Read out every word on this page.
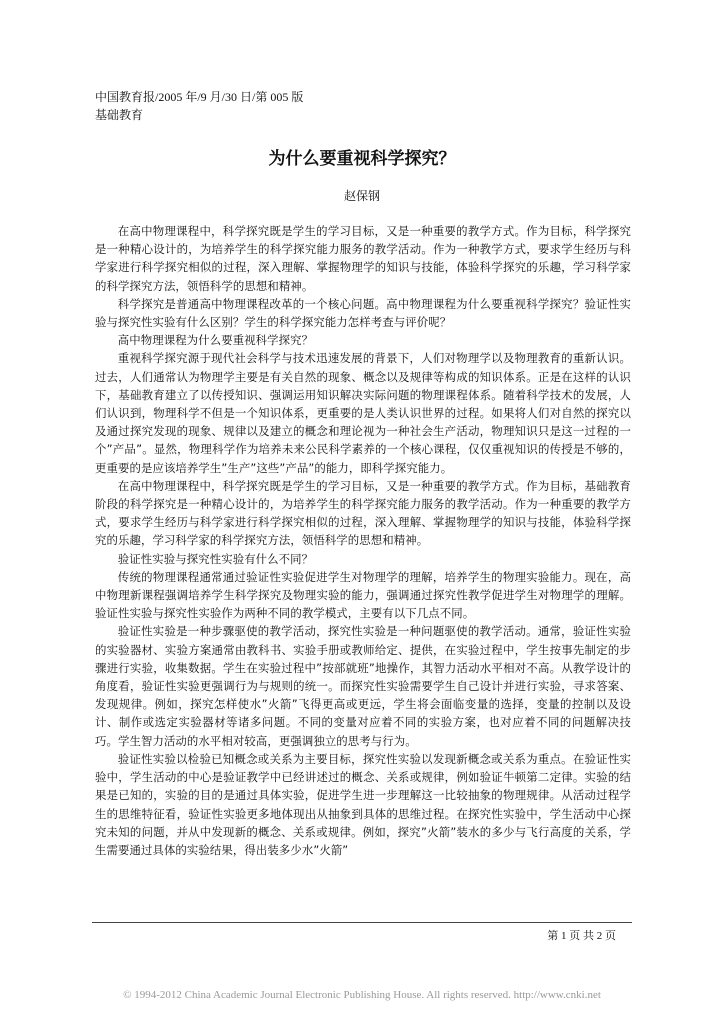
中国教育报/2005 年/9 月/30 日/第 005 版
基础教育
为什么要重视科学探究？
赵保钢

在高中物理课程中，科学探究既是学生的学习目标，又是一种重要的教学方式。作为目标，科学探究是一种精心设计的，为培养学生的科学探究能力服务的教学活动。作为一种教学方式，要求学生经历与科学家进行科学探究相似的过程，深入理解、掌握物理学的知识与技能，体验科学探究的乐趣，学习科学家的科学探究方法，领悟科学的思想和精神。

科学探究是普通高中物理课程改革的一个核心问题。高中物理课程为什么要重视科学探究？验证性实验与探究性实验有什么区别？学生的科学探究能力怎样考查与评价呢？

高中物理课程为什么要重视科学探究？

重视科学探究源于现代社会科学与技术迅速发展的背景下，人们对物理学以及物理教育的重新认识。过去，人们通常认为物理学主要是有关自然的现象、概念以及规律等构成的知识体系。正是在这样的认识下，基础教育建立了以传授知识、强调运用知识解决实际问题的物理课程体系。随着科学技术的发展，人们认识到，物理科学不但是一个知识体系，更重要的是人类认识世界的过程。如果将人们对自然的探究以及通过探究发现的现象、规律以及建立的概念和理论视为一种社会生产活动，物理知识只是这一过程的一个”产品”。显然，物理科学作为培养未来公民科学素养的一个核心课程，仅仅重视知识的传授是不够的，更重要的是应该培养学生”生产”这些”产品”的能力，即科学探究能力。

在高中物理课程中，科学探究既是学生的学习目标，又是一种重要的教学方式。作为目标，基础教育阶段的科学探究是一种精心设计的，为培养学生的科学探究能力服务的教学活动。作为一种重要的教学方式，要求学生经历与科学家进行科学探究相似的过程，深入理解、掌握物理学的知识与技能，体验科学探究的乐趣，学习科学家的科学探究方法，领悟科学的思想和精神。

验证性实验与探究性实验有什么不同？

传统的物理课程通常通过验证性实验促进学生对物理学的理解，培养学生的物理实验能力。现在，高中物理新课程强调培养学生科学探究及物理实验的能力，强调通过探究性教学促进学生对物理学的理解。验证性实验与探究性实验作为两种不同的教学模式，主要有以下几点不同。

验证性实验是一种步骤驱使的教学活动，探究性实验是一种问题驱使的教学活动。通常，验证性实验的实验器材、实验方案通常由教科书、实验手册或教师给定、提供，在实验过程中，学生按事先制定的步骤进行实验，收集数据。学生在实验过程中”按部就班”地操作，其智力活动水平相对不高。从教学设计的角度看，验证性实验更强调行为与规则的统一。而探究性实验需要学生自己设计并进行实验，寻求答案、发现规律。例如，探究怎样使水”火箭”飞得更高或更远，学生将会面临变量的选择，变量的控制以及设计、制作或选定实验器材等诸多问题。不同的变量对应着不同的实验方案，也对应着不同的问题解决技巧。学生智力活动的水平相对较高，更强调独立的思考与行为。

验证性实验以检验已知概念或关系为主要目标，探究性实验以发现新概念或关系为重点。在验证性实验中，学生活动的中心是验证教学中已经讲述过的概念、关系或规律，例如验证牛顿第二定律。实验的结果是已知的，实验的目的是通过具体实验，促进学生进一步理解这一比较抽象的物理规律。从活动过程学生的思维特征看，验证性实验更多地体现出从抽象到具体的思维过程。在探究性实验中，学生活动中心探究未知的问题，并从中发现新的概念、关系或规律。例如，探究”火箭”装水的多少与飞行高度的关系，学生需要通过具体的实验结果，得出装多少水”火箭”

第 1 页 共 2 页
© 1994-2012 China Academic Journal Electronic Publishing House. All rights reserved. http://www.cnki.net
